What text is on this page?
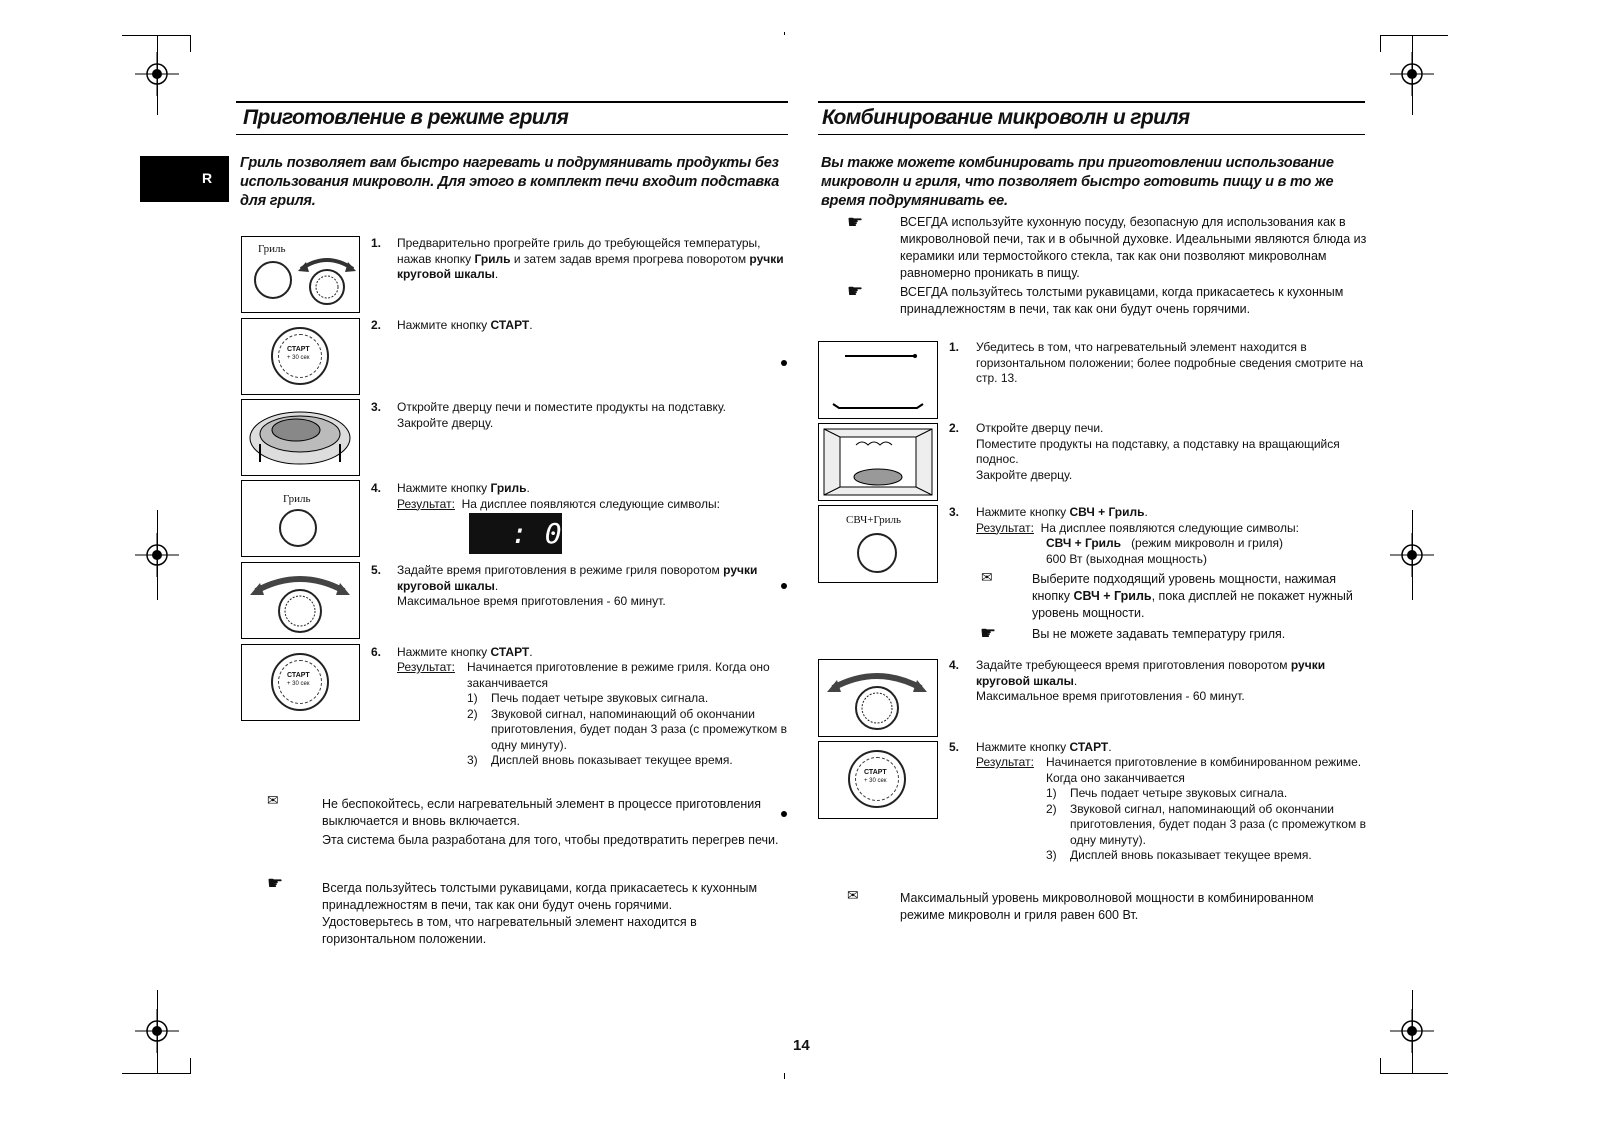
R
Приготовление в режиме гриля
Гриль позволяет вам быстро нагревать и подрумянивать продукты без использования микроволн. Для этого в комплект печи входит подставка для гриля.
Гриль
СТАРТ
+ 30 сек
Гриль
СТАРТ
+ 30 сек
1. Предварительно прогрейте гриль до требующейся температуры, нажав кнопку Гриль и затем задав время прогрева поворотом ручки круговой шкалы.
2. Нажмите кнопку СТАРТ.
3. Откройте дверцу печи и поместите продукты на подставку. Закройте дверцу.
4. Нажмите кнопку Гриль.
Результат: На дисплее появляются следующие символы:
: 0
5. Задайте время приготовления в режиме гриля поворотом ручки круговой шкалы.
Максимальное время приготовления - 60 минут.
6. Нажмите кнопку СТАРТ.
Результат: Начинается приготовление в режиме гриля. Когда оно заканчивается
1) Печь подает четыре звуковых сигнала.
2) Звуковой сигнал, напоминающий об окончании приготовления, будет подан 3 раза (с промежутком в одну минуту).
3) Дисплей вновь показывает текущее время.
✉	Не беспокойтесь, если нагревательный элемент в процессе приготовления выключается и вновь включается.
Эта система была разработана для того, чтобы предотвратить перегрев печи.
☛	Всегда пользуйтесь толстыми рукавицами, когда прикасаетесь к кухонным принадлежностям в печи, так как они будут очень горячими.
Удостоверьтесь в том, что нагревательный элемент находится в горизонтальном положении.
Комбинирование микроволн и гриля
Вы также можете комбинировать при приготовлении использование микроволн и гриля, что позволяет быстро готовить пищу и в то же время подрумянивать ее.
☛	ВСЕГДА используйте кухонную посуду, безопасную для использования как в микроволновой печи, так и в обычной духовке. Идеальными являются блюда из керамики или термостойкого стекла, так как они позволяют микроволнам равномерно проникать в пищу.
☛	ВСЕГДА пользуйтесь толстыми рукавицами, когда прикасаетесь к кухонным принадлежностям в печи, так как они будут очень горячими.
СВЧ+Гриль
СТАРТ
+ 30 сек
1. Убедитесь в том, что нагревательный элемент находится в горизонтальном положении; более подробные сведения смотрите на стр. 13.
2. Откройте дверцу печи.
Поместите продукты на подставку, а подставку на вращающийся поднос.
Закройте дверцу.
3. Нажмите кнопку СВЧ + Гриль.
Результат: На дисплее появляются следующие символы:
СВЧ + Гриль (режим микроволн и гриля)
600 Вт (выходная мощность)
✉	Выберите подходящий уровень мощности, нажимая кнопку СВЧ + Гриль, пока дисплей не покажет нужный уровень мощности.
☛	Вы не можете задавать температуру гриля.
4. Задайте требующееся время приготовления поворотом ручки круговой шкалы.
Максимальное время приготовления - 60 минут.
5. Нажмите кнопку СТАРТ.
Результат: Начинается приготовление в комбинированном режиме. Когда оно заканчивается
1) Печь подает четыре звуковых сигнала.
2) Звуковой сигнал, напоминающий об окончании приготовления, будет подан 3 раза (с промежутком в одну минуту).
3) Дисплей вновь показывает текущее время.
✉	Максимальный уровень микроволновой мощности в комбинированном режиме микроволн и гриля равен 600 Вт.
14
